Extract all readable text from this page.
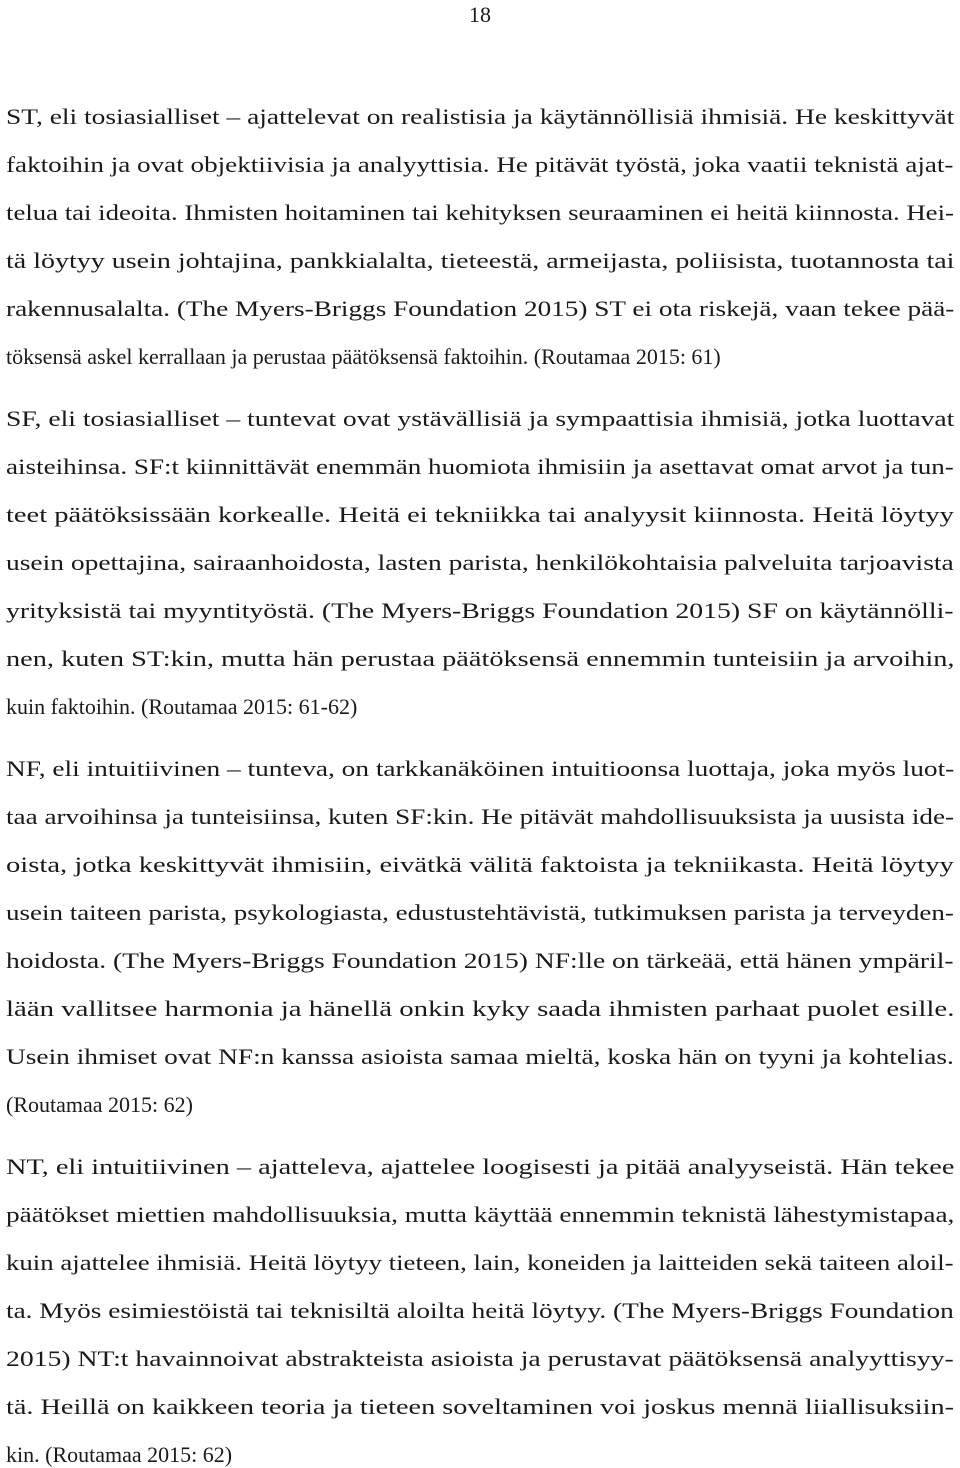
18
ST, eli tosiasialliset – ajattelevat on realistisia ja käytännöllisiä ihmisiä. He keskittyvät
faktoihin ja ovat objektiivisia ja analyyttisia. He pitävät työstä, joka vaatii teknistä ajat-
telua tai ideoita. Ihmisten hoitaminen tai kehityksen seuraaminen ei heitä kiinnosta. Hei-
tä löytyy usein johtajina, pankkialalta, tieteestä, armeijasta, poliisista, tuotannosta tai
rakennusalalta. (The Myers-Briggs Foundation 2015) ST ei ota riskejä, vaan tekee pää-
töksensä askel kerrallaan ja perustaa päätöksensä faktoihin. (Routamaa 2015: 61)
SF, eli tosiasialliset – tuntevat ovat ystävällisiä ja sympaattisia ihmisiä, jotka luottavat
aisteihinsa. SF:t kiinnittävät enemmän huomiota ihmisiin ja asettavat omat arvot ja tun-
teet päätöksissään korkealle. Heitä ei tekniikka tai analyysit kiinnosta. Heitä löytyy
usein opettajina, sairaanhoidosta, lasten parista, henkilökohtaisia palveluita tarjoavista
yrityksistä tai myyntityöstä. (The Myers-Briggs Foundation 2015) SF on käytännölli-
nen, kuten ST:kin, mutta hän perustaa päätöksensä ennemmin tunteisiin ja arvoihin,
kuin faktoihin. (Routamaa 2015: 61-62)
NF, eli intuitiivinen – tunteva, on tarkkanäköinen intuitioonsa luottaja, joka myös luot-
taa arvoihinsa ja tunteisiinsa, kuten SF:kin. He pitävät mahdollisuuksista ja uusista ide-
oista, jotka keskittyvät ihmisiin, eivätkä välitä faktoista ja tekniikasta. Heitä löytyy
usein taiteen parista, psykologiasta, edustustehtävistä, tutkimuksen parista ja terveyden-
hoidosta. (The Myers-Briggs Foundation 2015) NF:lle on tärkeää, että hänen ympäril-
lään vallitsee harmonia ja hänellä onkin kyky saada ihmisten parhaat puolet esille.
Usein ihmiset ovat NF:n kanssa asioista samaa mieltä, koska hän on tyyni ja kohtelias.
(Routamaa 2015: 62)
NT, eli intuitiivinen – ajatteleva, ajattelee loogisesti ja pitää analyyseistä. Hän tekee
päätökset miettien mahdollisuuksia, mutta käyttää ennemmin teknistä lähestymistapaa,
kuin ajattelee ihmisiä. Heitä löytyy tieteen, lain, koneiden ja laitteiden sekä taiteen aloil-
ta. Myös esimiestöistä tai teknisiltä aloilta heitä löytyy. (The Myers-Briggs Foundation
2015) NT:t havainnoivat abstrakteista asioista ja perustavat päätöksensä analyyttisyy-
tä. Heillä on kaikkeen teoria ja tieteen soveltaminen voi joskus mennä liiallisuksiin-
kin. (Routamaa 2015: 62)
